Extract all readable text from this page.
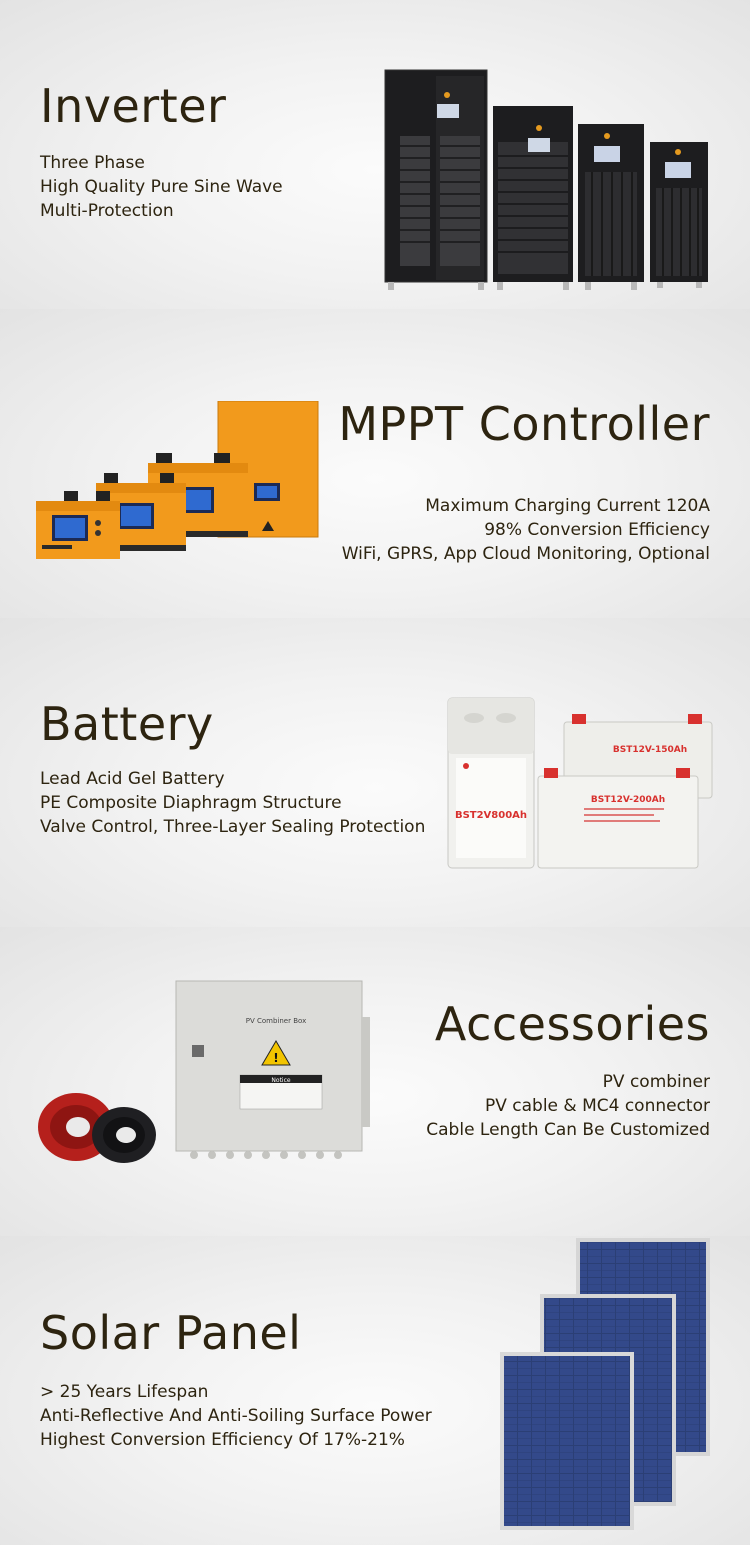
Inverter
Three Phase
High Quality Pure Sine Wave
Multi-Protection
MPPT Controller
Maximum Charging Current 120A
98% Conversion Efficiency
WiFi, GPRS, App Cloud Monitoring, Optional
Battery
Lead Acid Gel Battery
PE Composite Diaphragm Structure
Valve Control, Three-Layer Sealing Protection
BST2V800Ah
BST12V-150Ah
BST12V-200Ah
Accessories
PV combiner
PV cable & MC4 connector
Cable Length Can Be Customized
PV Combiner Box
!
Notice
Solar Panel
> 25 Years Lifespan
Anti-Reflective And Anti-Soiling Surface Power
Highest Conversion Efficiency Of 17%-21%
